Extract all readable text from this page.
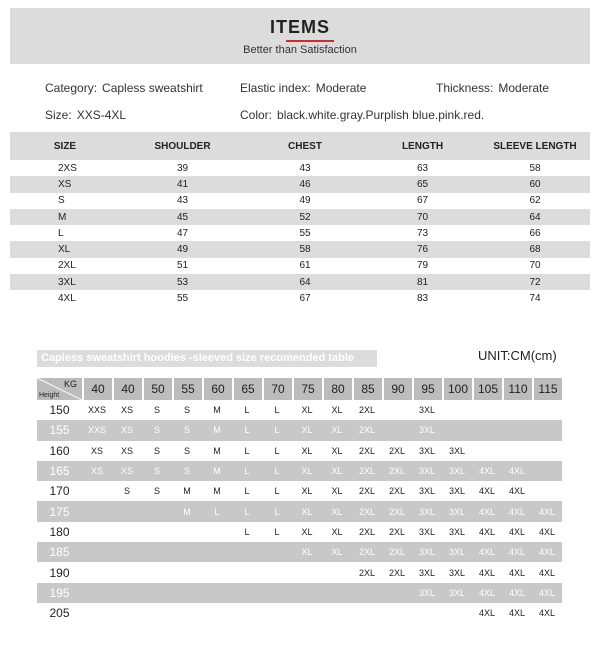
ITEMS
Better than Satisfaction
Category: Capless sweatshirt	Elastic index: Moderate	Thickness: Moderate
Size: XXS-4XL	Color: black.white.gray.Purplish blue.pink.red.
SIZE	SHOULDER	CHEST	LENGTH	SLEEVE LENGTH
2XS	39	43	63	58
XS	41	46	65	60
S	43	49	67	62
M	45	52	70	64
L	47	55	73	66
XL	49	58	76	68
2XL	51	61	79	70
3XL	53	64	81	72
4XL	55	67	83	74
Capless sweatshirt hoodies -sleeved size recomended table	UNIT:CM(cm)
KG
Height	40	40	50	55	60	65	70	75	80	85	90	95	100	105	110	115
150	XXS	XS	S	S	M	L	L	XL	XL	2XL		3XL				
155	XXS	XS	S	S	M	L	L	XL	XL	2XL		3XL				
160	XS	XS	S	S	M	L	L	XL	XL	2XL	2XL	3XL	3XL			
165	XS	XS	S	S	M	L	L	XL	XL	2XL	2XL	3XL	3XL	4XL	4XL	
170		S	S	M	M	L	L	XL	XL	2XL	2XL	3XL	3XL	4XL	4XL	
175				M	L	L	L	XL	XL	2XL	2XL	3XL	3XL	4XL	4XL	4XL
180						L	L	XL	XL	2XL	2XL	3XL	3XL	4XL	4XL	4XL
185								XL	XL	2XL	2XL	3XL	3XL	4XL	4XL	4XL
190										2XL	2XL	3XL	3XL	4XL	4XL	4XL
195												3XL	3XL	4XL	4XL	4XL
205														4XL	4XL	4XL
